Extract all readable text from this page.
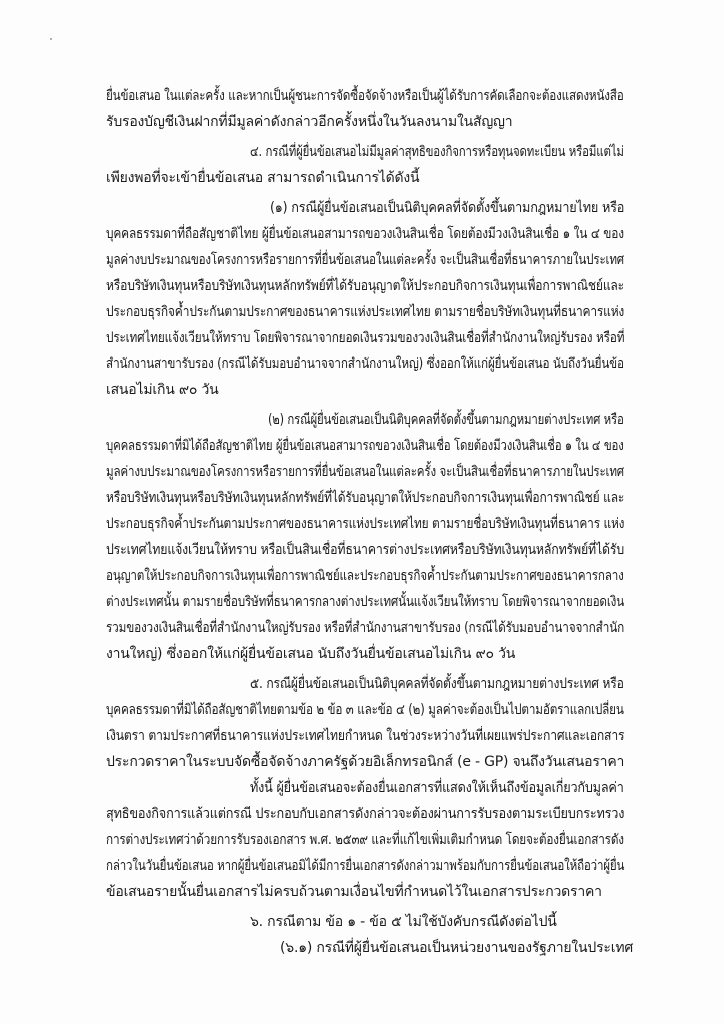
ยื่นข้อเสนอ ในแต่ละครั้ง และหากเป็นผู้ชนะการจัดซื้อจัดจ้างหรือเป็นผู้ได้รับการคัดเลือกจะต้องแสดงหนังสือ
รับรองบัญชีเงินฝากที่มีมูลค่าดังกล่าวอีกครั้งหนึ่งในวันลงนามในสัญญา
๔. กรณีที่ผู้ยื่นข้อเสนอไม่มีมูลค่าสุทธิของกิจการหรือทุนจดทะเบียน หรือมีแต่ไม่
เพียงพอที่จะเข้ายื่นข้อเสนอ สามารถดำเนินการได้ดังนี้
(๑) กรณีผู้ยื่นข้อเสนอเป็นนิติบุคคลที่จัดตั้งขึ้นตามกฎหมายไทย หรือ
บุคคลธรรมดาที่ถือสัญชาติไทย ผู้ยื่นข้อเสนอสามารถขอวงเงินสินเชื่อ โดยต้องมีวงเงินสินเชื่อ ๑ ใน ๔ ของ
มูลค่างบประมาณของโครงการหรือรายการที่ยื่นข้อเสนอในแต่ละครั้ง จะเป็นสินเชื่อที่ธนาคารภายในประเทศ
หรือบริษัทเงินทุนหรือบริษัทเงินทุนหลักทรัพย์ที่ได้รับอนุญาตให้ประกอบกิจการเงินทุนเพื่อการพาณิชย์และ
ประกอบธุรกิจค้ำประกันตามประกาศของธนาคารแห่งประเทศไทย ตามรายชื่อบริษัทเงินทุนที่ธนาคารแห่ง
ประเทศไทยแจ้งเวียนให้ทราบ โดยพิจารณาจากยอดเงินรวมของวงเงินสินเชื่อที่สำนักงานใหญ่รับรอง หรือที่
สำนักงานสาขารับรอง (กรณีได้รับมอบอำนาจจากสำนักงานใหญ่) ซึ่งออกให้แก่ผู้ยื่นข้อเสนอ นับถึงวันยื่นข้อ
เสนอไม่เกิน ๙๐ วัน
(๒) กรณีผู้ยื่นข้อเสนอเป็นนิติบุคคลที่จัดตั้งขึ้นตามกฎหมายต่างประเทศ หรือ
บุคคลธรรมดาที่มิได้ถือสัญชาติไทย ผู้ยื่นข้อเสนอสามารถขอวงเงินสินเชื่อ โดยต้องมีวงเงินสินเชื่อ ๑ ใน ๔ ของ
มูลค่างบประมาณของโครงการหรือรายการที่ยื่นข้อเสนอในแต่ละครั้ง จะเป็นสินเชื่อที่ธนาคารภายในประเทศ
หรือบริษัทเงินทุนหรือบริษัทเงินทุนหลักทรัพย์ที่ได้รับอนุญาตให้ประกอบกิจการเงินทุนเพื่อการพาณิชย์ และ
ประกอบธุรกิจค้ำประกันตามประกาศของธนาคารแห่งประเทศไทย ตามรายชื่อบริษัทเงินทุนที่ธนาคาร แห่ง
ประเทศไทยแจ้งเวียนให้ทราบ หรือเป็นสินเชื่อที่ธนาคารต่างประเทศหรือบริษัทเงินทุนหลักทรัพย์ที่ได้รับ
อนุญาตให้ประกอบกิจการเงินทุนเพื่อการพาณิชย์และประกอบธุรกิจค้ำประกันตามประกาศของธนาคารกลาง
ต่างประเทศนั้น ตามรายชื่อบริษัทที่ธนาคารกลางต่างประเทศนั้นแจ้งเวียนให้ทราบ โดยพิจารณาจากยอดเงิน
รวมของวงเงินสินเชื่อที่สำนักงานใหญ่รับรอง หรือที่สำนักงานสาขารับรอง (กรณีได้รับมอบอำนาจจากสำนัก
งานใหญ่) ซึ่งออกให้แก่ผู้ยื่นข้อเสนอ นับถึงวันยื่นข้อเสนอไม่เกิน ๙๐ วัน
๕. กรณีผู้ยื่นข้อเสนอเป็นนิติบุคคลที่จัดตั้งขึ้นตามกฎหมายต่างประเทศ หรือ
บุคคลธรรมดาที่มิได้ถือสัญชาติไทยตามข้อ ๒ ข้อ ๓ และข้อ ๔ (๒) มูลค่าจะต้องเป็นไปตามอัตราแลกเปลี่ยน
เงินตรา ตามประกาศที่ธนาคารแห่งประเทศไทยกำหนด ในช่วงระหว่างวันที่เผยแพร่ประกาศและเอกสาร
ประกวดราคาในระบบจัดซื้อจัดจ้างภาครัฐด้วยอิเล็กทรอนิกส์ (e - GP) จนถึงวันเสนอราคา
ทั้งนี้ ผู้ยื่นข้อเสนอจะต้องยื่นเอกสารที่แสดงให้เห็นถึงข้อมูลเกี่ยวกับมูลค่า
สุทธิของกิจการแล้วแต่กรณี ประกอบกับเอกสารดังกล่าวจะต้องผ่านการรับรองตามระเบียบกระทรวง
การต่างประเทศว่าด้วยการรับรองเอกสาร พ.ศ. ๒๕๓๙ และที่แก้ไขเพิ่มเติมกำหนด โดยจะต้องยื่นเอกสารดัง
กล่าวในวันยื่นข้อเสนอ หากผู้ยื่นข้อเสนอมิได้มีการยื่นเอกสารดังกล่าวมาพร้อมกับการยื่นข้อเสนอให้ถือว่าผู้ยื่น
ข้อเสนอรายนั้นยื่นเอกสารไม่ครบถ้วนตามเงื่อนไขที่กำหนดไว้ในเอกสารประกวดราคา
๖. กรณีตาม ข้อ ๑ - ข้อ ๕ ไม่ใช้บังคับกรณีดังต่อไปนี้
(๖.๑) กรณีที่ผู้ยื่นข้อเสนอเป็นหน่วยงานของรัฐภายในประเทศ
